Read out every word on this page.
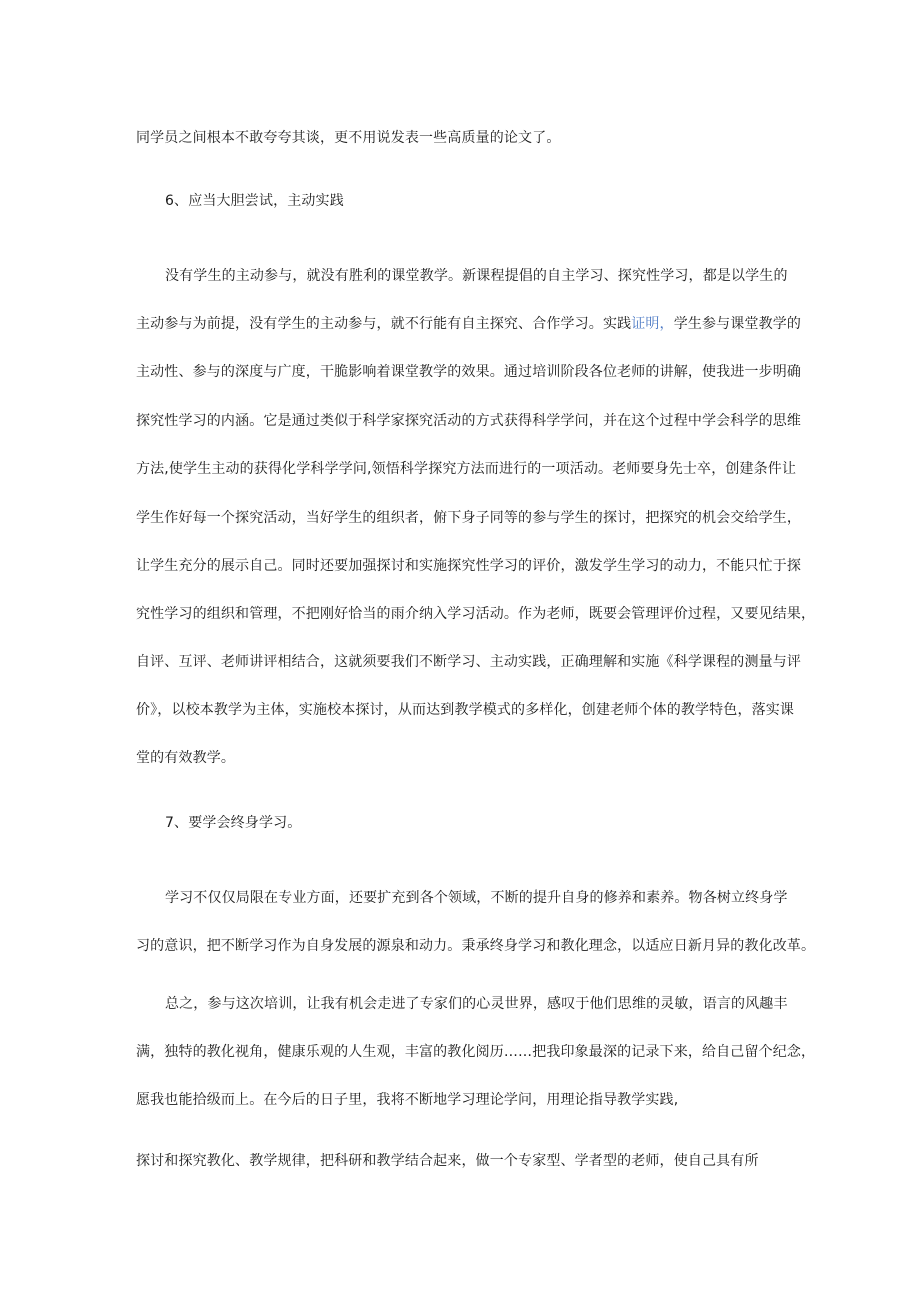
同学员之间根本不敢夸夸其谈，更不用说发表一些高质量的论文了。
6、应当大胆尝试，主动实践
没有学生的主动参与，就没有胜利的课堂教学。新课程提倡的自主学习、探究性学习，都是以学生的
主动参与为前提，没有学生的主动参与，就不行能有自主探究、合作学习。实践证明，学生参与课堂教学的
主动性、参与的深度与广度，干脆影响着课堂教学的效果。通过培训阶段各位老师的讲解，使我进一步明确
探究性学习的内涵。它是通过类似于科学家探究活动的方式获得科学学问，并在这个过程中学会科学的思维
方法,使学生主动的获得化学科学学问,领悟科学探究方法而进行的一项活动。老师要身先士卒，创建条件让
学生作好每一个探究活动，当好学生的组织者，俯下身子同等的参与学生的探讨，把探究的机会交给学生，
让学生充分的展示自己。同时还要加强探讨和实施探究性学习的评价，激发学生学习的动力，不能只忙于探
究性学习的组织和管理，不把刚好恰当的雨介纳入学习活动。作为老师，既要会管理评价过程，又要见结果，
自评、互评、老师讲评相结合，这就须要我们不断学习、主动实践，正确理解和实施《科学课程的测量与评
价》，以校本教学为主体，实施校本探讨，从而达到教学模式的多样化，创建老师个体的教学特色，落实课
堂的有效教学。
7、要学会终身学习。
学习不仅仅局限在专业方面，还要扩充到各个领域，不断的提升自身的修养和素养。物各树立终身学
习的意识，把不断学习作为自身发展的源泉和动力。秉承终身学习和教化理念，以适应日新月异的教化改革。
总之，参与这次培训，让我有机会走进了专家们的心灵世界，感叹于他们思维的灵敏，语言的风趣丰
满，独特的教化视角，健康乐观的人生观，丰富的教化阅历……把我印象最深的记录下来，给自己留个纪念，
愿我也能拾级而上。在今后的日子里，我将不断地学习理论学问，用理论指导教学实践,
探讨和探究教化、教学规律，把科研和教学结合起来，做一个专家型、学者型的老师，使自己具有所
